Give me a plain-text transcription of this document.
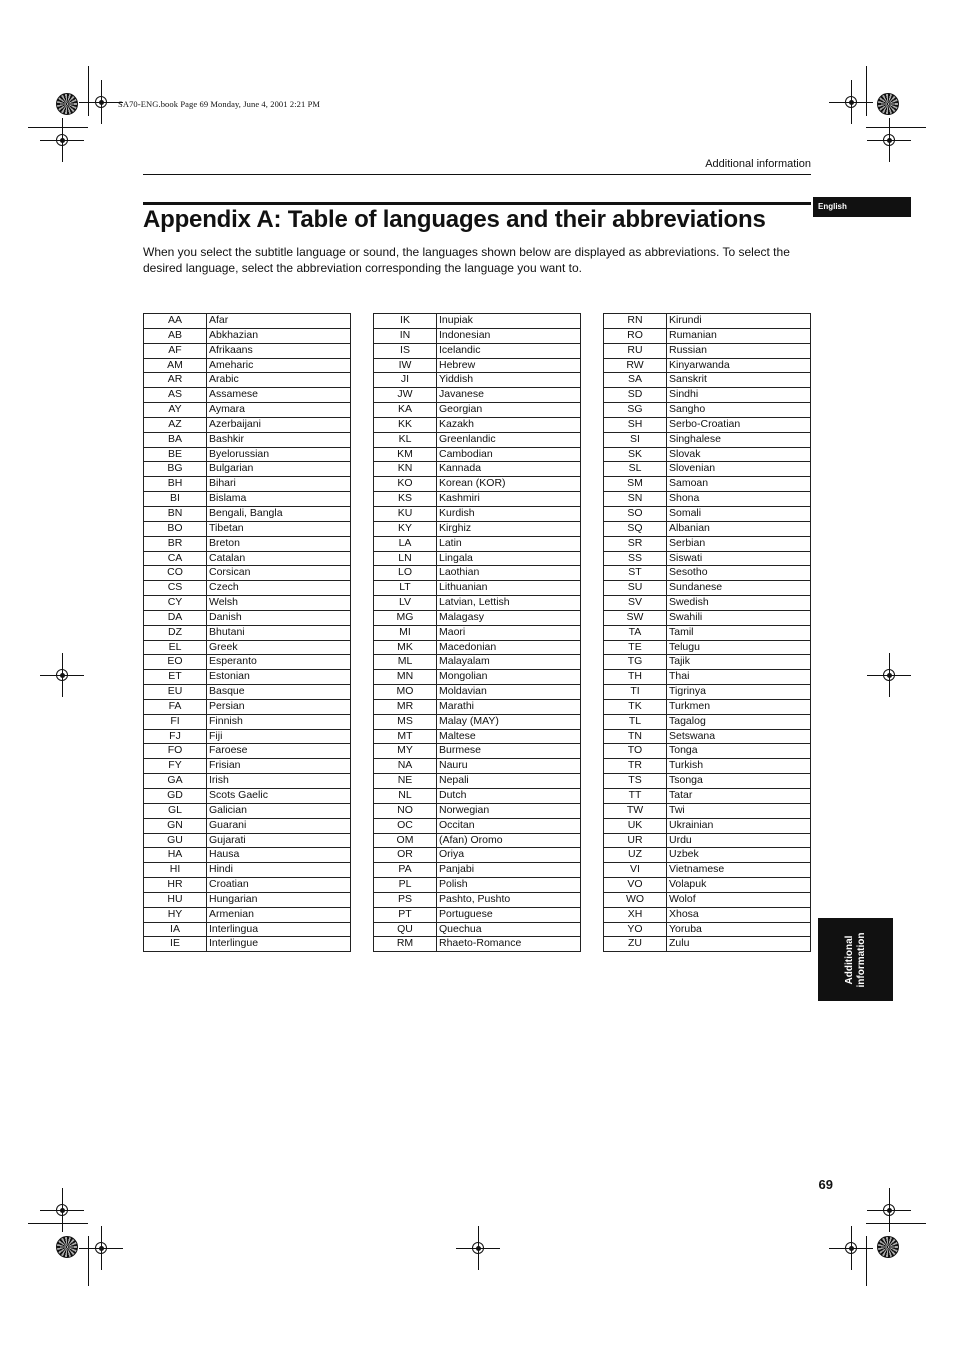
SA70-ENG.book Page 69 Monday, June 4, 2001 2:21 PM
Additional information
English
Appendix A: Table of languages and their abbreviations
When you select the subtitle language or sound, the languages shown below are displayed as abbreviations. To select the desired language, select the abbreviation corresponding the language you want to.
AA	Afar
AB	Abkhazian
AF	Afrikaans
AM	Ameharic
AR	Arabic
AS	Assamese
AY	Aymara
AZ	Azerbaijani
BA	Bashkir
BE	Byelorussian
BG	Bulgarian
BH	Bihari
BI	Bislama
BN	Bengali, Bangla
BO	Tibetan
BR	Breton
CA	Catalan
CO	Corsican
CS	Czech
CY	Welsh
DA	Danish
DZ	Bhutani
EL	Greek
EO	Esperanto
ET	Estonian
EU	Basque
FA	Persian
FI	Finnish
FJ	Fiji
FO	Faroese
FY	Frisian
GA	Irish
GD	Scots Gaelic
GL	Galician
GN	Guarani
GU	Gujarati
HA	Hausa
HI	Hindi
HR	Croatian
HU	Hungarian
HY	Armenian
IA	Interlingua
IE	Interlingue
IK	Inupiak
IN	Indonesian
IS	Icelandic
IW	Hebrew
JI	Yiddish
JW	Javanese
KA	Georgian
KK	Kazakh
KL	Greenlandic
KM	Cambodian
KN	Kannada
KO	Korean (KOR)
KS	Kashmiri
KU	Kurdish
KY	Kirghiz
LA	Latin
LN	Lingala
LO	Laothian
LT	Lithuanian
LV	Latvian, Lettish
MG	Malagasy
MI	Maori
MK	Macedonian
ML	Malayalam
MN	Mongolian
MO	Moldavian
MR	Marathi
MS	Malay (MAY)
MT	Maltese
MY	Burmese
NA	Nauru
NE	Nepali
NL	Dutch
NO	Norwegian
OC	Occitan
OM	(Afan) Oromo
OR	Oriya
PA	Panjabi
PL	Polish
PS	Pashto, Pushto
PT	Portuguese
QU	Quechua
RM	Rhaeto-Romance
RN	Kirundi
RO	Rumanian
RU	Russian
RW	Kinyarwanda
SA	Sanskrit
SD	Sindhi
SG	Sangho
SH	Serbo-Croatian
SI	Singhalese
SK	Slovak
SL	Slovenian
SM	Samoan
SN	Shona
SO	Somali
SQ	Albanian
SR	Serbian
SS	Siswati
ST	Sesotho
SU	Sundanese
SV	Swedish
SW	Swahili
TA	Tamil
TE	Telugu
TG	Tajik
TH	Thai
TI	Tigrinya
TK	Turkmen
TL	Tagalog
TN	Setswana
TO	Tonga
TR	Turkish
TS	Tsonga
TT	Tatar
TW	Twi
UK	Ukrainian
UR	Urdu
UZ	Uzbek
VI	Vietnamese
VO	Volapuk
WO	Wolof
XH	Xhosa
YO	Yoruba
ZU	Zulu	Additional information
69
